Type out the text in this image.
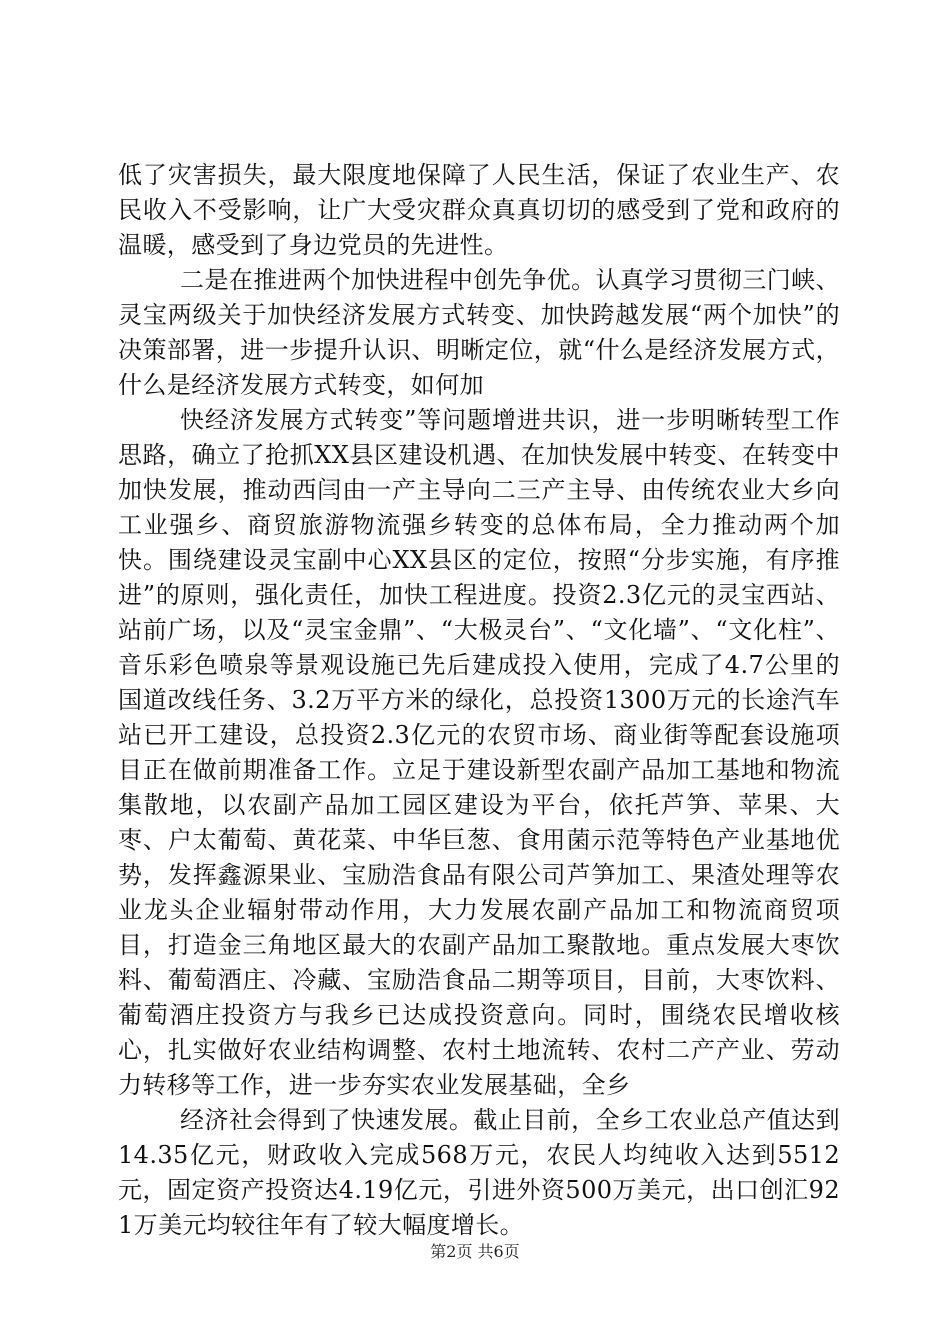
低了灾害损失，最大限度地保障了人民生活，保证了农业生产、农民收入不受影响，让广大受灾群众真真切切的感受到了党和政府的温暖，感受到了身边党员的先进性。

二是在推进两个加快进程中创先争优。认真学习贯彻三门峡、灵宝两级关于加快经济发展方式转变、加快跨越发展“两个加快”的决策部署，进一步提升认识、明晰定位，就“什么是经济发展方式，什么是经济发展方式转变，如何加

快经济发展方式转变”等问题增进共识，进一步明晰转型工作思路，确立了抢抓XX县区建设机遇、在加快发展中转变、在转变中加快发展，推动西闫由一产主导向二三产主导、由传统农业大乡向工业强乡、商贸旅游物流强乡转变的总体布局，全力推动两个加快。围绕建设灵宝副中心XX县区的定位，按照“分步实施，有序推进”的原则，强化责任，加快工程进度。投资2.3亿元的灵宝西站、站前广场，以及“灵宝金鼎”、“大极灵台”、“文化墙”、“文化柱”、音乐彩色喷泉等景观设施已先后建成投入使用，完成了4.7公里的国道改线任务、3.2万平方米的绿化，总投资1300万元的长途汽车站已开工建设，总投资2.3亿元的农贸市场、商业街等配套设施项目正在做前期准备工作。立足于建设新型农副产品加工基地和物流集散地，以农副产品加工园区建设为平台，依托芦笋、苹果、大枣、户太葡萄、黄花菜、中华巨葱、食用菌示范等特色产业基地优势，发挥鑫源果业、宝励浩食品有限公司芦笋加工、果渣处理等农业龙头企业辐射带动作用，大力发展农副产品加工和物流商贸项目，打造金三角地区最大的农副产品加工聚散地。重点发展大枣饮料、葡萄酒庄、冷藏、宝励浩食品二期等项目，目前，大枣饮料、葡萄酒庄投资方与我乡已达成投资意向。同时，围绕农民增收核心，扎实做好农业结构调整、农村土地流转、农村二产产业、劳动力转移等工作，进一步夯实农业发展基础，全乡

经济社会得到了快速发展。截止目前，全乡工农业总产值达到14.35亿元，财政收入完成568万元，农民人均纯收入达到5512元，固定资产投资达4.19亿元，引进外资500万美元，出口创汇921万美元均较往年有了较大幅度增长。

第2页 共6页
